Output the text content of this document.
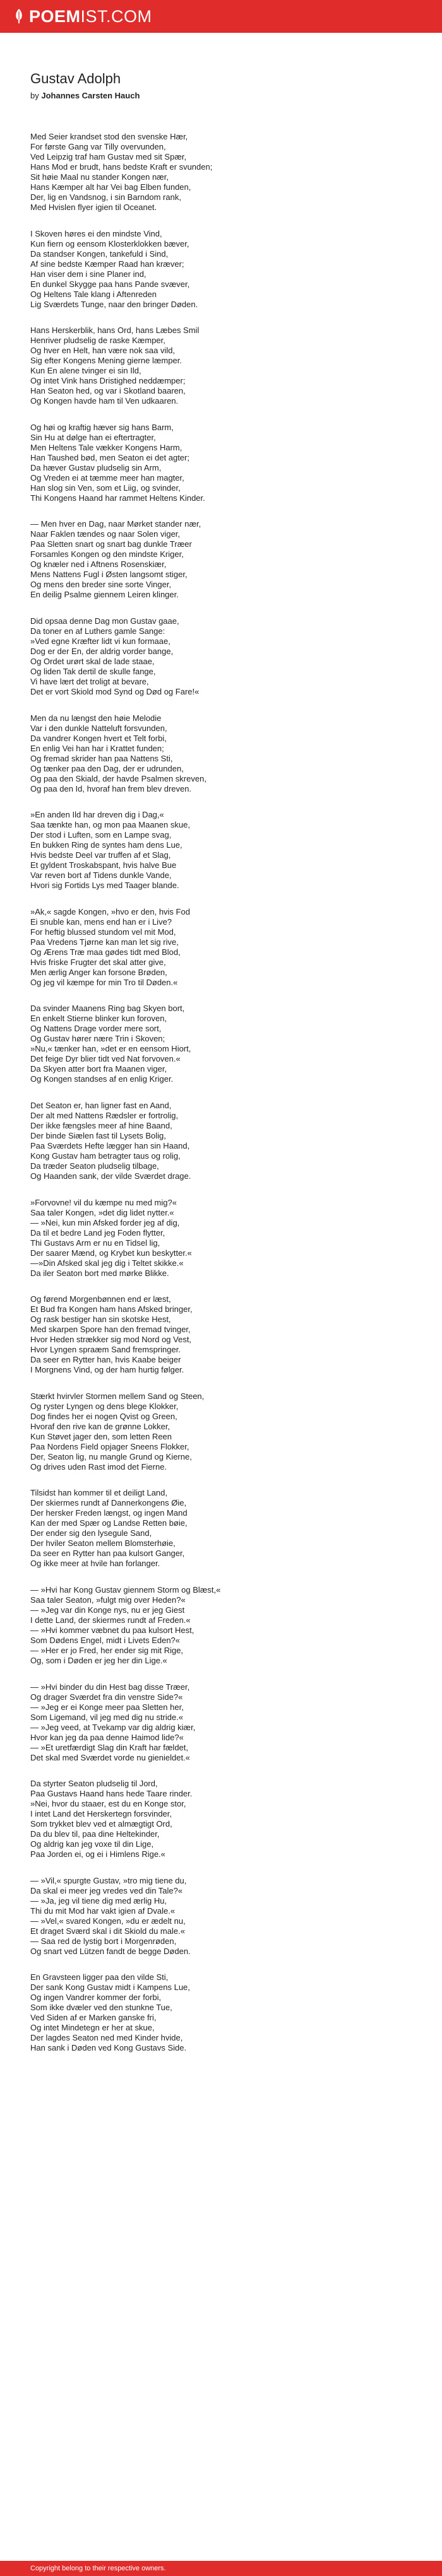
POEMIST.COM
Gustav Adolph
by Johannes Carsten Hauch
Med Seier krandset stod den svenske Hær,
For første Gang var Tilly overvunden,
Ved Leipzig traf ham Gustav med sit Spær,
Hans Mod er brudt, hans bedste Kraft er svunden;
Sit høie Maal nu stander Kongen nær,
Hans Kæmper alt har Vei bag Elben funden,
Der, lig en Vandsnog, i sin Barndom rank,
Med Hvislen flyer igien til Oceanet.
I Skoven høres ei den mindste Vind,
Kun fiern og eensom Klosterklokken bæver,
Da standser Kongen, tankefuld i Sind,
Af sine bedste Kæmper Raad han kræver;
Han viser dem i sine Planer ind,
En dunkel Skygge paa hans Pande svæver,
Og Heltens Tale klang i Aftenreden
Lig Sværdets Tunge, naar den bringer Døden.
Hans Herskerblik, hans Ord, hans Læbes Smil
Henriver pludselig de raske Kæmper,
Og hver en Helt, han være nok saa vild,
Sig efter Kongens Mening gierne læmper.
Kun En alene tvinger ei sin Ild,
Og intet Vink hans Dristighed neddæmper;
Han Seaton hed, og var i Skotland baaren,
Og Kongen havde ham til Ven udkaaren.
Og høi og kraftig hæver sig hans Barm,
Sin Hu at dølge han ei eftertragter,
Men Heltens Tale vækker Kongens Harm,
Han Taushed bød, men Seaton ei det agter;
Da hæver Gustav pludselig sin Arm,
Og Vreden ei at tæmme meer han magter,
Han slog sin Ven, som et Liig, og svinder,
Thi Kongens Haand har rammet Heltens Kinder.
— Men hver en Dag, naar Mørket stander nær,
Naar Faklen tændes og naar Solen viger,
Paa Sletten snart og snart bag dunkle Træer
Forsamles Kongen og den mindste Kriger,
Og knæler ned i Aftnens Rosenskiær,
Mens Nattens Fugl i Østen langsomt stiger,
Og mens den breder sine sorte Vinger,
En deilig Psalme giennem Leiren klinger.
Did opsaa denne Dag mon Gustav gaae,
Da toner en af Luthers gamle Sange:
»Ved egne Kræfter lidt vi kun formaae,
Dog er der En, der aldrig vorder bange,
Og Ordet urørt skal de lade staae,
Og liden Tak dertil de skulle fange,
Vi have lært det troligt at bevare,
Det er vort Skiold mod Synd og Død og Fare!«
Men da nu længst den høie Melodie
Var i den dunkle Natteluft forsvunden,
Da vandrer Kongen hvert et Telt forbi,
En enlig Vei han har i Krattet funden;
Og fremad skrider han paa Nattens Sti,
Og tænker paa den Dag, der er udrunden,
Og paa den Skiald, der havde Psalmen skreven,
Og paa den Id, hvoraf han frem blev dreven.
»En anden Ild har dreven dig i Dag,«
Saa tænkte han, og mon paa Maanen skue,
Der stod i Luften, som en Lampe svag,
En bukken Ring de syntes ham dens Lue,
Hvis bedste Deel var truffen af et Slag,
Et gyldent Troskabspant, hvis halve Bue
Var reven bort af Tidens dunkle Vande,
Hvori sig Fortids Lys med Taager blande.
»Ak,« sagde Kongen, »hvo er den, hvis Fod
Ei snuble kan, mens end han er i Live?
For heftig blussed stundom vel mit Mod,
Paa Vredens Tjørne kan man let sig rive,
Og Ærens Træ maa gødes tidt med Blod,
Hvis friske Frugter det skal atter give,
Men ærlig Anger kan forsone Brøden,
Og jeg vil kæmpe for min Tro til Døden.«
Da svinder Maanens Ring bag Skyen bort,
En enkelt Stierne blinker kun foroven,
Og Nattens Drage vorder mere sort,
Og Gustav hører nære Trin i Skoven;
»Nu,« tænker han, »det er en eensom Hiort,
Det feige Dyr blier tidt ved Nat forvoven.«
Da Skyen atter bort fra Maanen viger,
Og Kongen standses af en enlig Kriger.
Det Seaton er, han ligner fast en Aand,
Der alt med Nattens Rædsler er fortrolig,
Der ikke fængsles meer af hine Baand,
Der binde Siælen fast til Lysets Bolig,
Paa Sværdets Hefte lægger han sin Haand,
Kong Gustav ham betragter taus og rolig,
Da træder Seaton pludselig tilbage,
Og Haanden sank, der vilde Sværdet drage.
»Forvovne! vil du kæmpe nu med mig?«
Saa taler Kongen, »det dig lidet nytter.«
— »Nei, kun min Afsked forder jeg af dig,
Da til et bedre Land jeg Foden flytter,
Thi Gustavs Arm er nu en Tidsel lig,
Der saarer Mænd, og Krybet kun beskytter.«
—»Din Afsked skal jeg dig i Teltet skikke.«
Da iler Seaton bort med mørke Blikke.
Og førend Morgenbønnen end er læst,
Et Bud fra Kongen ham hans Afsked bringer,
Og rask bestiger han sin skotske Hest,
Med skarpen Spore han den fremad tvinger,
Hvor Heden strækker sig mod Nord og Vest,
Hvor Lyngen spraæm Sand fremspringer.
Da seer en Rytter han, hvis Kaabe beiger
I Morgnens Vind, og der ham hurtig følger.
Stærkt hvirvler Stormen mellem Sand og Steen,
Og ryster Lyngen og dens blege Klokker,
Dog findes her ei nogen Qvist og Green,
Hvoraf den rive kan de grønne Lokker,
Kun Støvet jager den, som letten Reen
Paa Nordens Field opjager Sneens Flokker,
Der, Seaton lig, nu mangle Grund og Kierne,
Og drives uden Rast imod det Fierne.
Tilsidst han kommer til et deiligt Land,
Der skiermes rundt af Dannerkongens Øie,
Der hersker Freden længst, og ingen Mand
Kan der med Spær og Landse Retten bøie,
Der ender sig den lysegule Sand,
Der hviler Seaton mellem Blomsterhøie,
Da seer en Rytter han paa kulsort Ganger,
Og ikke meer at hvile han forlanger.
— »Hvi har Kong Gustav giennem Storm og Blæst,«
Saa taler Seaton, »fulgt mig over Heden?«
— »Jeg var din Konge nys, nu er jeg Giest
I dette Land, der skiermes rundt af Freden.«
— »Hvi kommer væbnet du paa kulsort Hest,
Som Dødens Engel, midt i Livets Eden?«
— »Her er jo Fred, her ender sig mit Rige,
Og, som i Døden er jeg her din Lige.«
— »Hvi binder du din Hest bag disse Træer,
Og drager Sværdet fra din venstre Side?«
— »Jeg er ei Konge meer paa Sletten her,
Som Ligemand, vil jeg med dig nu stride.«
— »Jeg veed, at Tvekamp var dig aldrig kiær,
Hvor kan jeg da paa denne Haimod lide?«
— »Et uretfærdigt Slag din Kraft har fældet,
Det skal med Sværdet vorde nu gienieldet.«
Da styrter Seaton pludselig til Jord,
Paa Gustavs Haand hans hede Taare rinder.
»Nei, hvor du staaer, est du en Konge stor,
I intet Land det Herskertegn forsvinder,
Som trykket blev ved et almægtigt Ord,
Da du blev til, paa dine Heltekinder,
Og aldrig kan jeg voxe til din Lige,
Paa Jorden ei, og ei i Himlens Rige.«
— »Vil,« spurgte Gustav, »tro mig tiene du,
Da skal ei meer jeg vredes ved din Tale?«
— »Ja, jeg vil tiene dig med ærlig Hu,
Thi du mit Mod har vakt igien af Dvale.«
— »Vel,« svared Kongen, »du er ædelt nu,
Et draget Sværd skal i dit Skiold du male.«
— Saa red de lystig bort i Morgenrøden,
Og snart ved Lützen fandt de begge Døden.
En Gravsteen ligger paa den vilde Sti,
Der sank Kong Gustav midt i Kampens Lue,
Og ingen Vandrer kommer der forbi,
Som ikke dvæler ved den stunkne Tue,
Ved Siden af er Marken ganske fri,
Og intet Mindetegn er her at skue,
Der lagdes Seaton ned med Kinder hvide,
Han sank i Døden ved Kong Gustavs Side.
Copyright belong to their respective owners.
